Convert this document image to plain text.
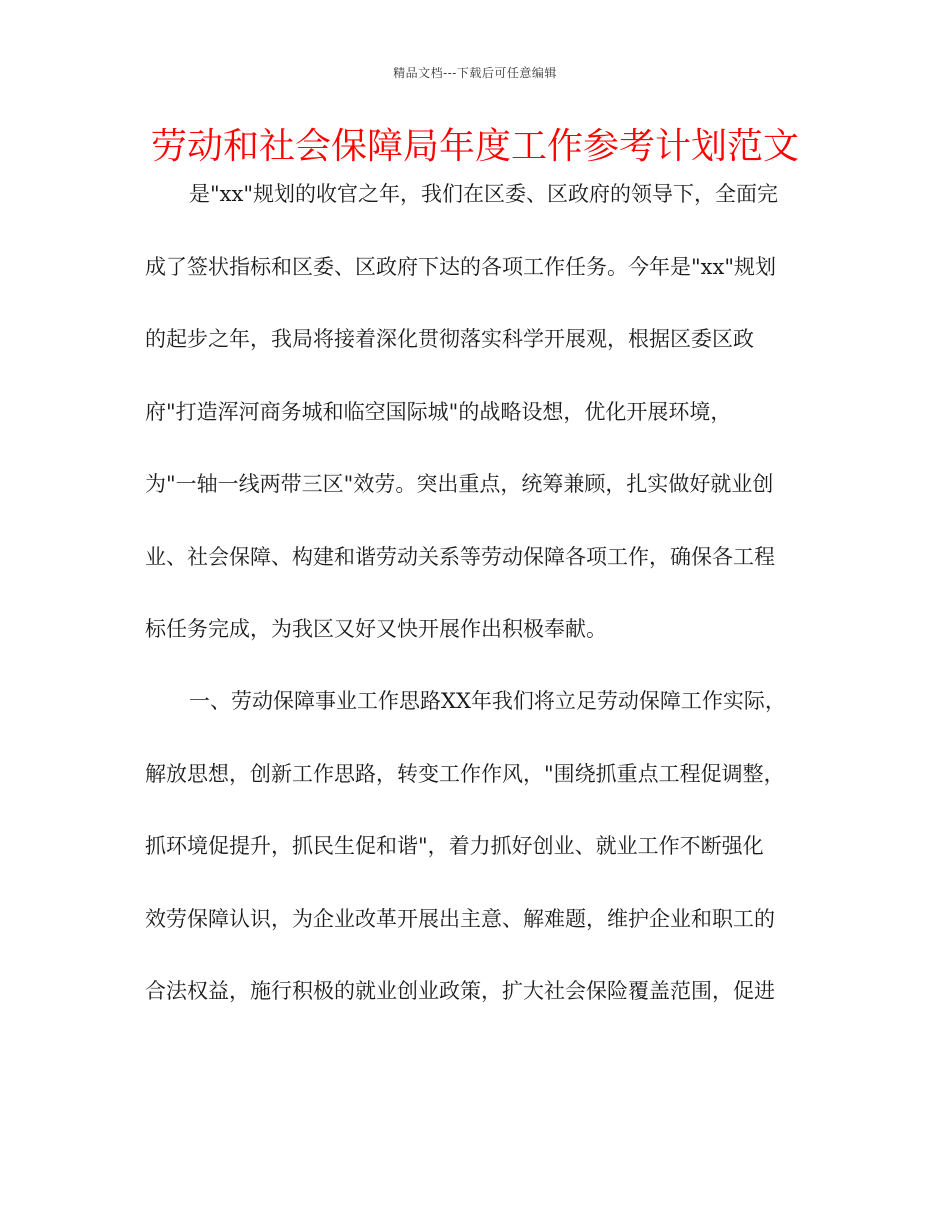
精品文档---下载后可任意编辑
劳动和社会保障局年度工作参考计划范文
是"xx"规划的收官之年，我们在区委、区政府的领导下，全面完
成了签状指标和区委、区政府下达的各项工作任务。今年是"xx"规划
的起步之年，我局将接着深化贯彻落实科学开展观，根据区委区政
府"打造浑河商务城和临空国际城"的战略设想，优化开展环境，
为"一轴一线两带三区"效劳。突出重点，统筹兼顾，扎实做好就业创
业、社会保障、构建和谐劳动关系等劳动保障各项工作，确保各工程
标任务完成，为我区又好又快开展作出积极奉献。
一、劳动保障事业工作思路XX年我们将立足劳动保障工作实际，
解放思想，创新工作思路，转变工作作风，"围绕抓重点工程促调整，
抓环境促提升，抓民生促和谐"，着力抓好创业、就业工作不断强化
效劳保障认识，为企业改革开展出主意、解难题，维护企业和职工的
合法权益，施行积极的就业创业政策，扩大社会保险覆盖范围，促进
